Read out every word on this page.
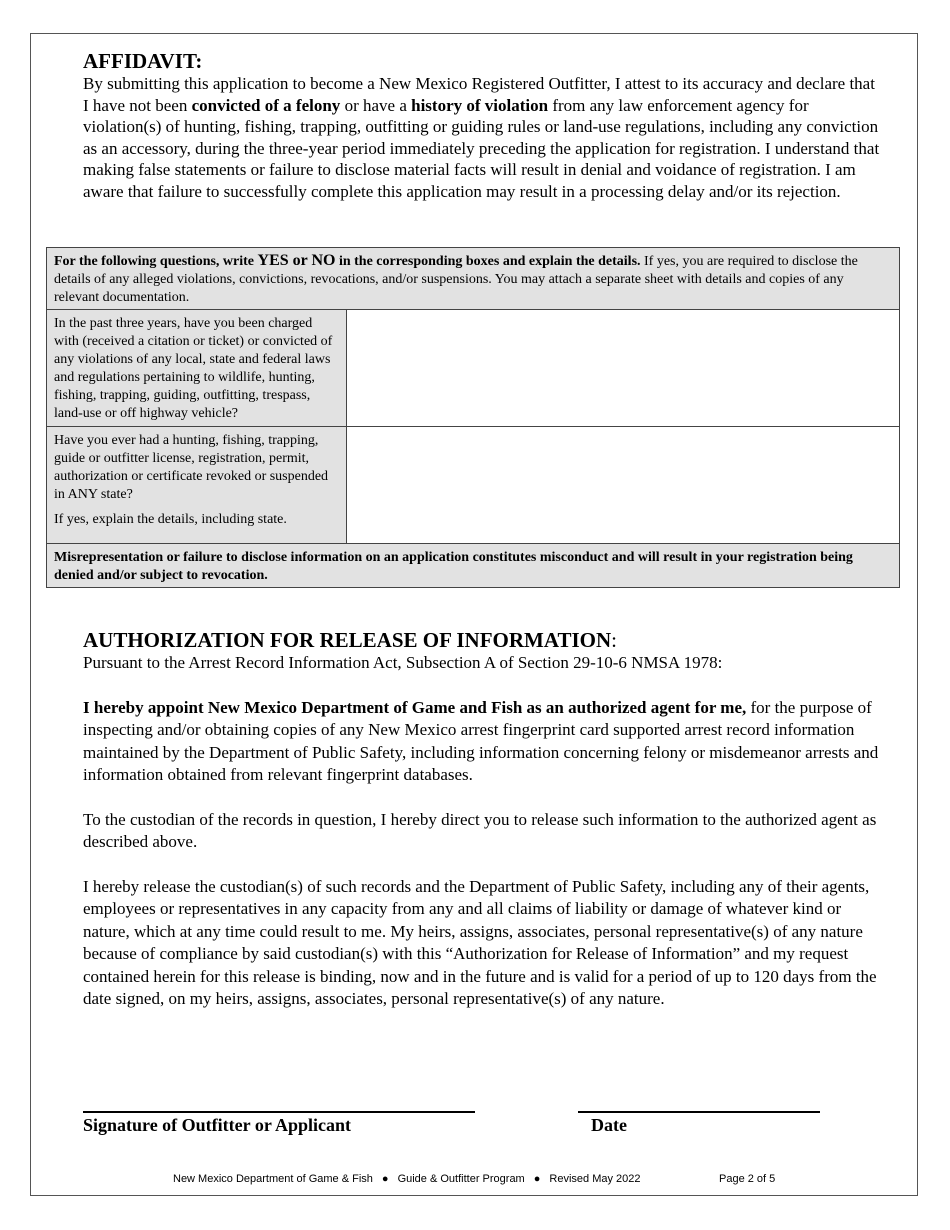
AFFIDAVIT:

By submitting this application to become a New Mexico Registered Outfitter, I attest to its accuracy and declare that I have not been convicted of a felony or have a history of violation from any law enforcement agency for violation(s) of hunting, fishing, trapping, outfitting or guiding rules or land-use regulations, including any conviction as an accessory, during the three-year period immediately preceding the application for registration. I understand that making false statements or failure to disclose material facts will result in denial and voidance of registration. I am aware that failure to successfully complete this application may result in a processing delay and/or its rejection.

For the following questions, write YES or NO in the corresponding boxes and explain the details. If yes, you are required to disclose the details of any alleged violations, convictions, revocations, and/or suspensions. You may attach a separate sheet with details and copies of any relevant documentation.
In the past three years, have you been charged with (received a citation or ticket) or convicted of any violations of any local, state and federal laws and regulations pertaining to wildlife, hunting, fishing, trapping, guiding, outfitting, trespass, land-use or off highway vehicle?
Have you ever had a hunting, fishing, trapping, guide or outfitter license, registration, permit, authorization or certificate revoked or suspended in ANY state?
If yes, explain the details, including state.
Misrepresentation or failure to disclose information on an application constitutes misconduct and will result in your registration being denied and/or subject to revocation.
AUTHORIZATION FOR RELEASE OF INFORMATION:

Pursuant to the Arrest Record Information Act, Subsection A of Section 29-10-6 NMSA 1978:

I hereby appoint New Mexico Department of Game and Fish as an authorized agent for me, for the purpose of inspecting and/or obtaining copies of any New Mexico arrest fingerprint card supported arrest record information maintained by the Department of Public Safety, including information concerning felony or misdemeanor arrests and information obtained from relevant fingerprint databases.

To the custodian of the records in question, I hereby direct you to release such information to the authorized agent as described above.

I hereby release the custodian(s) of such records and the Department of Public Safety, including any of their agents, employees or representatives in any capacity from any and all claims of liability or damage of whatever kind or nature, which at any time could result to me. My heirs, assigns, associates, personal representative(s) of any nature because of compliance by said custodian(s) with this “Authorization for Release of Information” and my request contained herein for this release is binding, now and in the future and is valid for a period of up to 120 days from the date signed, on my heirs, assigns, associates, personal representative(s) of any nature.

Signature of Outfitter or Applicant	Date
New Mexico Department of Game & Fish ● Guide & Outfitter Program ● Revised May 2022	Page 2 of 5
